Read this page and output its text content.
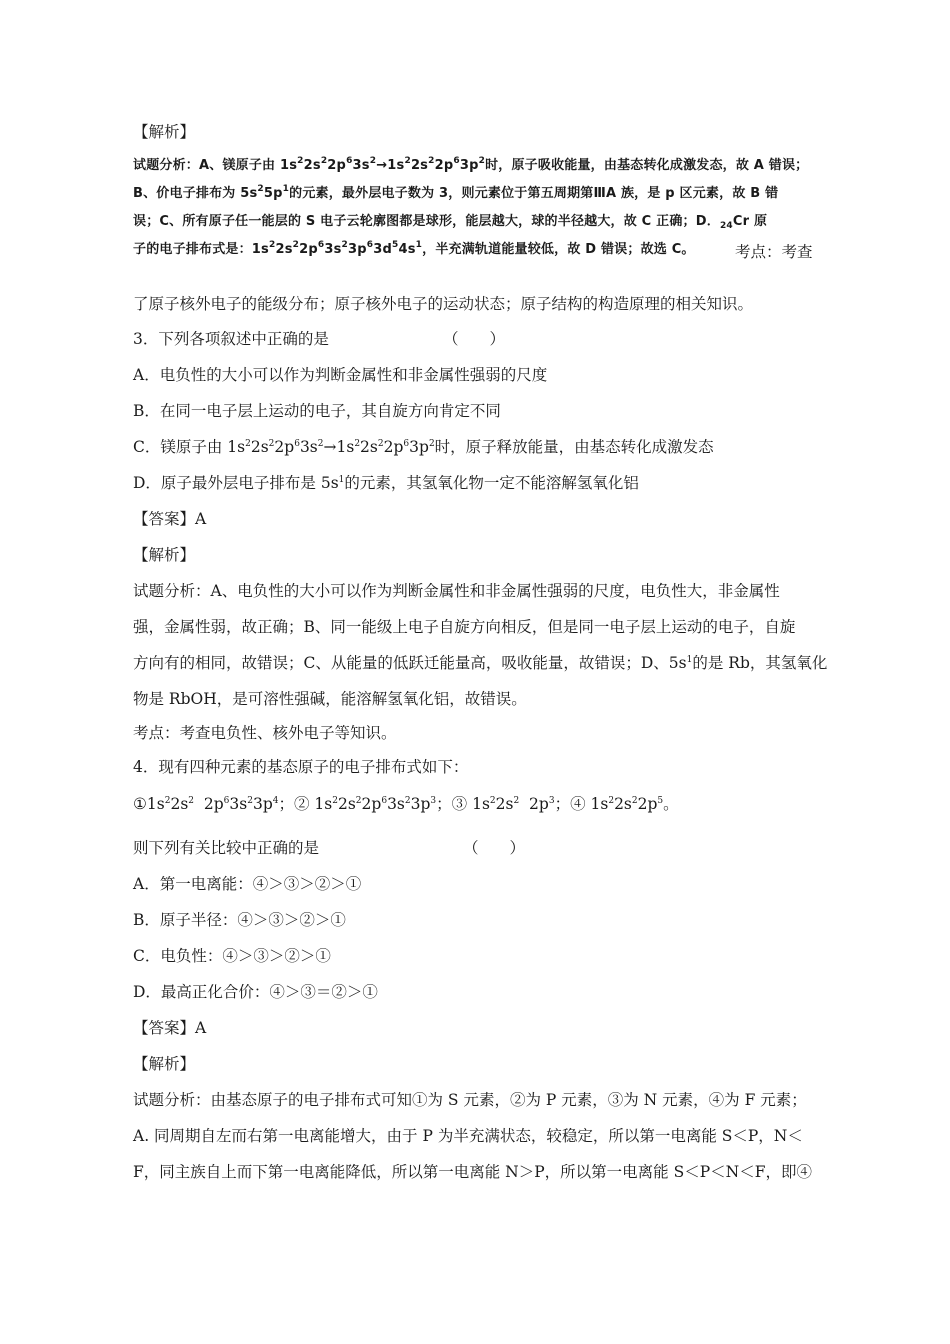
【解析】
试题分析：A、镁原子由 $1s^22s^22p^63s^2\to 1s^22s^22p^63p^2$时，原子吸收能量，由基态转化成激发态，故 A 错误；
B、价电子排布为 $5s^25p^1$的元素，最外层电子数为 3，则元素位于第五周期第ⅢA 族，是 p 区元素，故 B 错
误；C、所有原子任一能层的 S 电子云轮廓图都是球形，能层越大，球的半径越大，故 C 正确；D．$_{24}$Cr 原
子的电子排布式是：$1s^22s^22p^63s^23p^63d^54s^1$，半充满轨道能量较低，故 D 错误；故选 C。	考点：考查
了原子核外电子的能级分布；原子核外电子的运动状态；原子结构的构造原理的相关知识。
3．下列各项叙述中正确的是	（　　）
A．电负性的大小可以作为判断金属性和非金属性强弱的尺度
B．在同一电子层上运动的电子，其自旋方向肯定不同
C．镁原子由 $1s^22s^22p^63s^2\to 1s^22s^22p^63p^2$时，原子释放能量，由基态转化成激发态
D．原子最外层电子排布是 $5s^1$的元素，其氢氧化物一定不能溶解氢氧化铝
【答案】A
【解析】
试题分析：A、电负性的大小可以作为判断金属性和非金属性强弱的尺度，电负性大，非金属性
强，金属性弱，故正确；B、同一能级上电子自旋方向相反，但是同一电子层上运动的电子，自旋
方向有的相同，故错误；C、从能量的低跃迁能量高，吸收能量，故错误；D、$5s^1$的是 Rb，其氢氧化
物是 RbOH，是可溶性强碱，能溶解氢氧化铝，故错误。
考点：考查电负性、核外电子等知识。
4．现有四种元素的基态原子的电子排布式如下：
$①1s^22s^2$  $2p^63s^23p^4$；② $1s^22s^22p^63s^23p^3$；③ $1s^22s^2$  $2p^3$；④ $1s^22s^22p^5$。
则下列有关比较中正确的是	（　　）
A．第一电离能：④＞③＞②＞①
B．原子半径：④＞③＞②＞①
C．电负性：④＞③＞②＞①
D．最高正化合价：④＞③＝②＞①
【答案】A
【解析】
试题分析：由基态原子的电子排布式可知①为 S 元素，②为 P 元素，③为 N 元素，④为 F 元素；
A. 同周期自左而右第一电离能增大，由于 P 为半充满状态，较稳定，所以第一电离能 S＜P，N＜
F，同主族自上而下第一电离能降低，所以第一电离能 N＞P，所以第一电离能 S＜P＜N＜F，即④
